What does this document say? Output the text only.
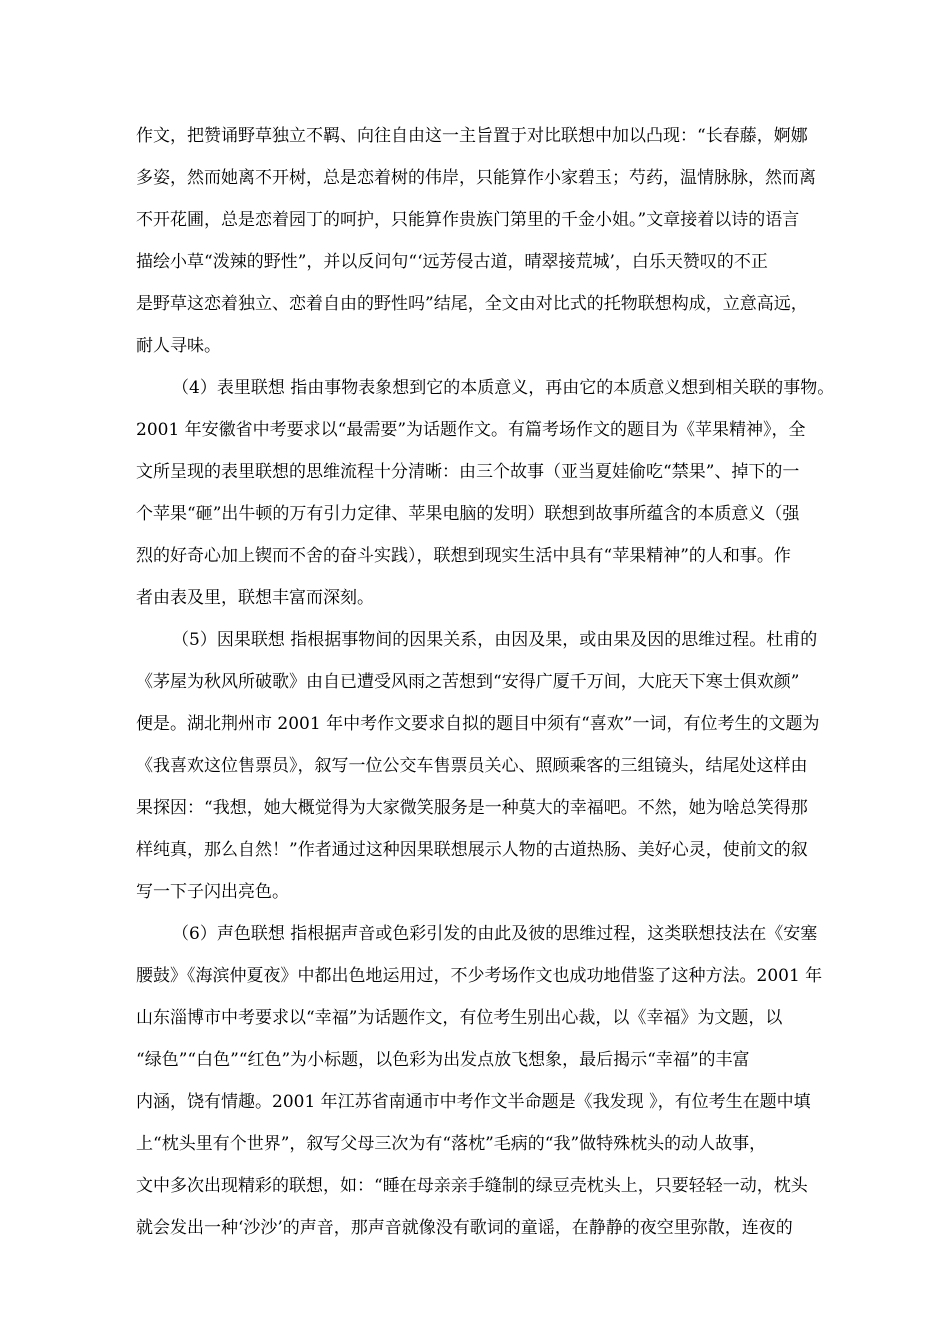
作文，把赞诵野草独立不羁、向往自由这一主旨置于对比联想中加以凸现：“长春藤，婀娜
多姿，然而她离不开树，总是恋着树的伟岸，只能算作小家碧玉；芍药，温情脉脉，然而离
不开花圃，总是恋着园丁的呵护，只能算作贵族门第里的千金小姐。”文章接着以诗的语言
描绘小草“泼辣的野性”，并以反问句“‘远芳侵古道，晴翠接荒城’，白乐天赞叹的不正
是野草这恋着独立、恋着自由的野性吗”结尾，全文由对比式的托物联想构成，立意高远，
耐人寻味。
（4）表里联想 指由事物表象想到它的本质意义，再由它的本质意义想到相关联的事物。
2001 年安徽省中考要求以“最需要”为话题作文。有篇考场作文的题目为《苹果精神》，全
文所呈现的表里联想的思维流程十分清晰：由三个故事（亚当夏娃偷吃“禁果”、掉下的一
个苹果“砸”出牛顿的万有引力定律、苹果电脑的发明）联想到故事所蕴含的本质意义（强
烈的好奇心加上锲而不舍的奋斗实践），联想到现实生活中具有“苹果精神”的人和事。作
者由表及里，联想丰富而深刻。
（5）因果联想 指根据事物间的因果关系，由因及果，或由果及因的思维过程。杜甫的
《茅屋为秋风所破歌》由自已遭受风雨之苦想到“安得广厦千万间，大庇天下寒士俱欢颜”
便是。湖北荆州市 2001 年中考作文要求自拟的题目中须有“喜欢”一词，有位考生的文题为
《我喜欢这位售票员》，叙写一位公交车售票员关心、照顾乘客的三组镜头，结尾处这样由
果探因：“我想，她大概觉得为大家微笑服务是一种莫大的幸福吧。不然，她为啥总笑得那
样纯真，那么自然！”作者通过这种因果联想展示人物的古道热肠、美好心灵，使前文的叙
写一下子闪出亮色。
（6）声色联想 指根据声音或色彩引发的由此及彼的思维过程，这类联想技法在《安塞
腰鼓》《海滨仲夏夜》中都出色地运用过，不少考场作文也成功地借鉴了这种方法。2001 年
山东淄博市中考要求以“幸福”为话题作文，有位考生别出心裁，以《幸福》为文题，以
“绿色”“白色”“红色”为小标题，以色彩为出发点放飞想象，最后揭示“幸福”的丰富
内涵，饶有情趣。2001 年江苏省南通市中考作文半命题是《我发现 》，有位考生在题中填
上“枕头里有个世界”，叙写父母三次为有“落枕”毛病的“我”做特殊枕头的动人故事，
文中多次出现精彩的联想，如：“睡在母亲亲手缝制的绿豆壳枕头上，只要轻轻一动，枕头
就会发出一种‘沙沙’的声音，那声音就像没有歌词的童谣，在静静的夜空里弥散，连夜的
